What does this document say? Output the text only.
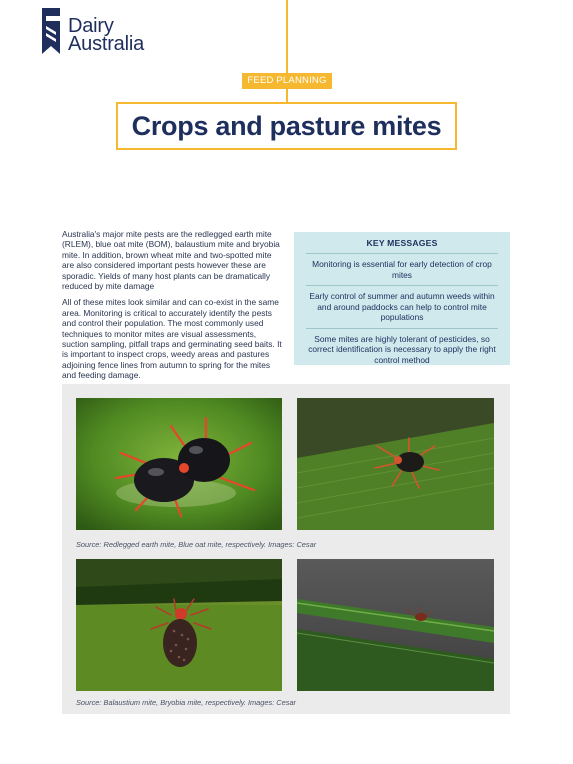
Dairy
Australia
FEED PLANNING
Crops and pasture mites

Australia's major mite pests are the redlegged earth mite (RLEM), blue oat mite (BOM), balaustium mite and bryobia mite. In addition, brown wheat mite and two-spotted mite are also considered important pests however these are sporadic. Yields of many host plants can be dramatically reduced by mite damage

All of these mites look similar and can co-exist in the same area. Monitoring is critical to accurately identify the pests and control their population. The most commonly used techniques to monitor mites are visual assessments, suction sampling, pitfall traps and germinating seed baits. It is important to inspect crops, weedy areas and pastures adjoining fence lines from autumn to spring for the mites and feeding damage.

KEY MESSAGES
Monitoring is essential for early detection of crop mites
Early control of summer and autumn weeds within and around paddocks can help to control mite populations
Some mites are highly tolerant of pesticides, so correct identification is necessary to apply the right control method
Source: Redlegged earth mite, Blue oat mite, respectively. Images: Cesar
Source: Balaustium mite, Bryobia mite, respectively. Images: Cesar
